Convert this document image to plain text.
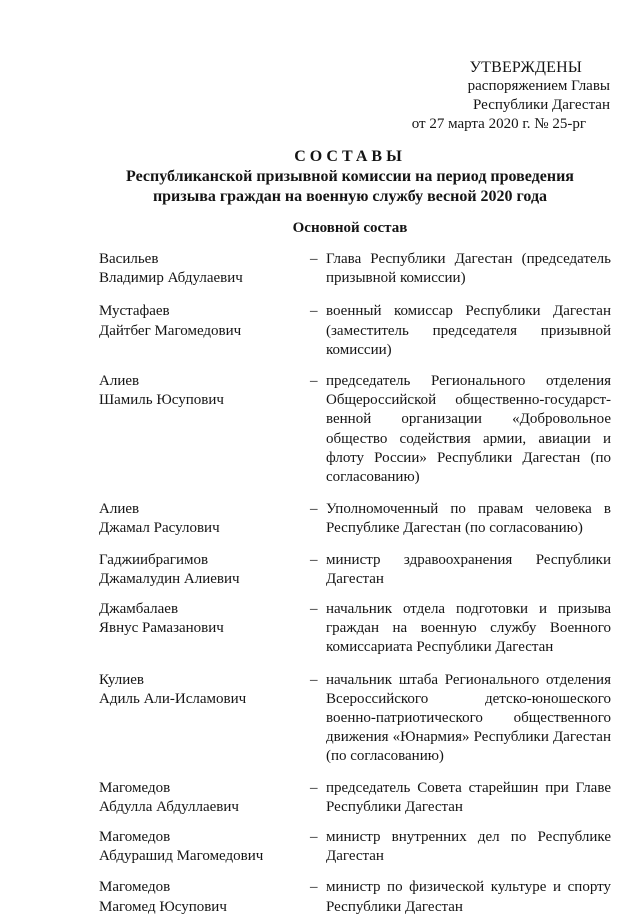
УТВЕРЖДЕНЫ
распоряжением Главы
Республики Дагестан
от 27 марта 2020 г. № 25-рг
СОСТАВЫ
Республиканской призывной комиссии на период проведения
призыва граждан на военную службу весной 2020 года
Основной состав
Васильев
Владимир Абдулаевич
– Глава Республики Дагестан (председатель призывной комиссии)
Мустафаев
Дайтбег Магомедович
– военный комиссар Республики Дагестан (заместитель председателя призывной комиссии)
Алиев
Шамиль Юсупович
– председатель Регионального отделения Общероссийской общественно-государст-венной организации «Добровольное общество содействия армии, авиации и флоту России» Республики Дагестан (по согласованию)
Алиев
Джамал Расулович
– Уполномоченный по правам человека в Республике Дагестан (по согласованию)
Гаджиибрагимов
Джамалудин Алиевич
– министр здравоохранения Республики Дагестан
Джамбалаев
Явнус Рамазанович
– начальник отдела подготовки и призыва граждан на военную службу Военного комиссариата Республики Дагестан
Кулиев
Адиль Али-Исламович
– начальник штаба Регионального отделения Всероссийского детско-юношеского военно-патриотического общественного движения «Юнармия» Республики Дагестан (по согласованию)
Магомедов
Абдулла Абдуллаевич
– председатель Совета старейшин при Главе Республики Дагестан
Магомедов
Абдурашид Магомедович
– министр внутренних дел по Республике Дагестан
Магомедов
Магомед Юсупович
– министр по физической культуре и спорту Республики Дагестан
